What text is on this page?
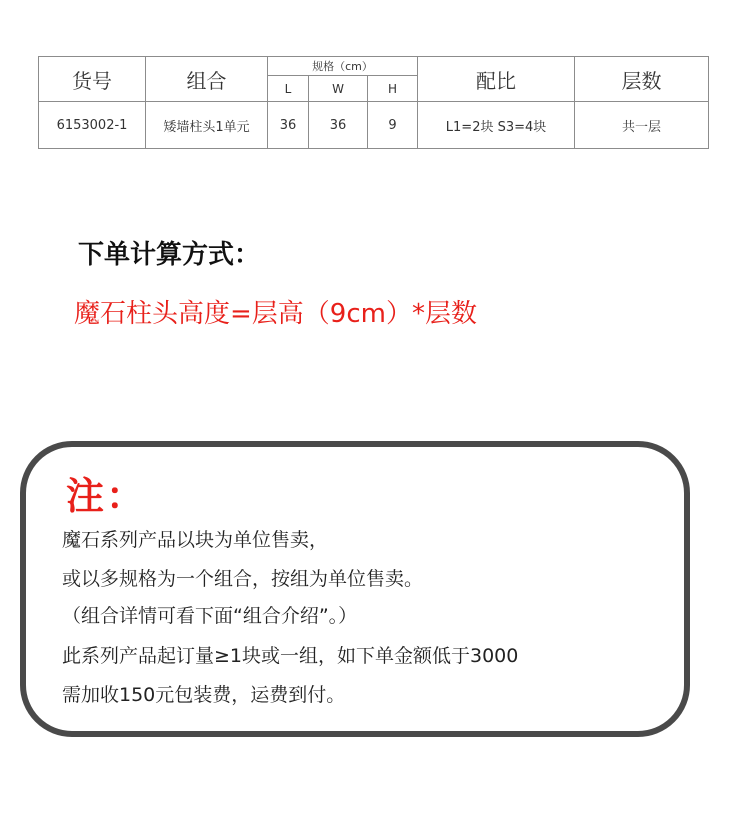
货号	组合	规格（cm）			配比	层数
		L	W	H		
6153002-1	矮墙柱头1单元	36	36	9	L1=2块 S3=4块	共一层
下单计算方式：

魔石柱头高度=层高（9cm）*层数

注：

魔石系列产品以块为单位售卖，

或以多规格为一个组合，按组为单位售卖。

（组合详情可看下面“组合介绍”。）

此系列产品起订量≥1块或一组，如下单金额低于3000

需加收150元包装费，运费到付。
